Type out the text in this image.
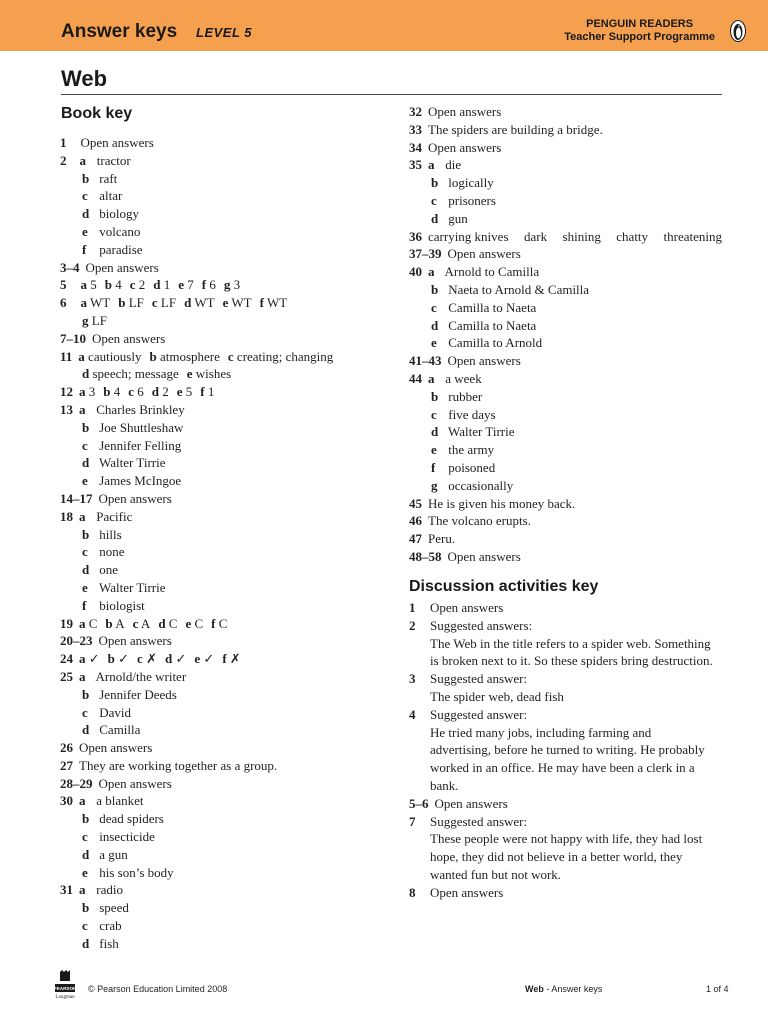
Answer keys LEVEL 5
PENGUIN READERS
Teacher Support Programme
Web
Book key
1 Open answers
2 a tractor
b raft
c altar
d biology
e volcano
f paradise
3–4 Open answers
5 a 5 b 4 c 2 d 1 e 7 f 6 g 3
6 a WT b LF c LF d WT e WT f WT
g LF
7–10 Open answers
11 a cautiously b atmosphere c creating; changing
d speech; message e wishes
12 a 3 b 4 c 6 d 2 e 5 f 1
13 a Charles Brinkley
b Joe Shuttleshaw
c Jennifer Felling
d Walter Tirrie
e James McIngoe
14–17 Open answers
18 a Pacific
b hills
c none
d one
e Walter Tirrie
f biologist
19 a C b A c A d C e C f C
20–23 Open answers
24 a ✓ b ✓ c ✗ d ✓ e ✓ f ✗
25 a Arnold/the writer
b Jennifer Deeds
c David
d Camilla
26 Open answers
27 They are working together as a group.
28–29 Open answers
30 a a blanket
b dead spiders
c insecticide
d a gun
e his son’s body
31 a radio
b speed
c crab
d fish
32 Open answers
33 The spiders are building a bridge.
34 Open answers
35 a die
b logically
c prisoners
d gun
36 carrying knives dark shining chatty threatening
37–39 Open answers
40 a Arnold to Camilla
b Naeta to Arnold & Camilla
c Camilla to Naeta
d Camilla to Naeta
e Camilla to Arnold
41–43 Open answers
44 a a week
b rubber
c five days
d Walter Tirrie
e the army
f poisoned
g occasionally
45 He is given his money back.
46 The volcano erupts.
47 Peru.
48–58 Open answers
Discussion activities key
1 Open answers
2 Suggested answers:
The Web in the title refers to a spider web. Something
is broken next to it. So these spiders bring destruction.
3 Suggested answer:
The spider web, dead fish
4 Suggested answer:
He tried many jobs, including farming and
advertising, before he turned to writing. He probably
worked in an office. He may have been a clerk in a
bank.
5–6 Open answers
7 Suggested answer:
These people were not happy with life, they had lost
hope, they did not believe in a better world, they
wanted fun but not work.
8 Open answers
PEARSON
Longman
© Pearson Education Limited 2008	Web - Answer keys	1 of 4
